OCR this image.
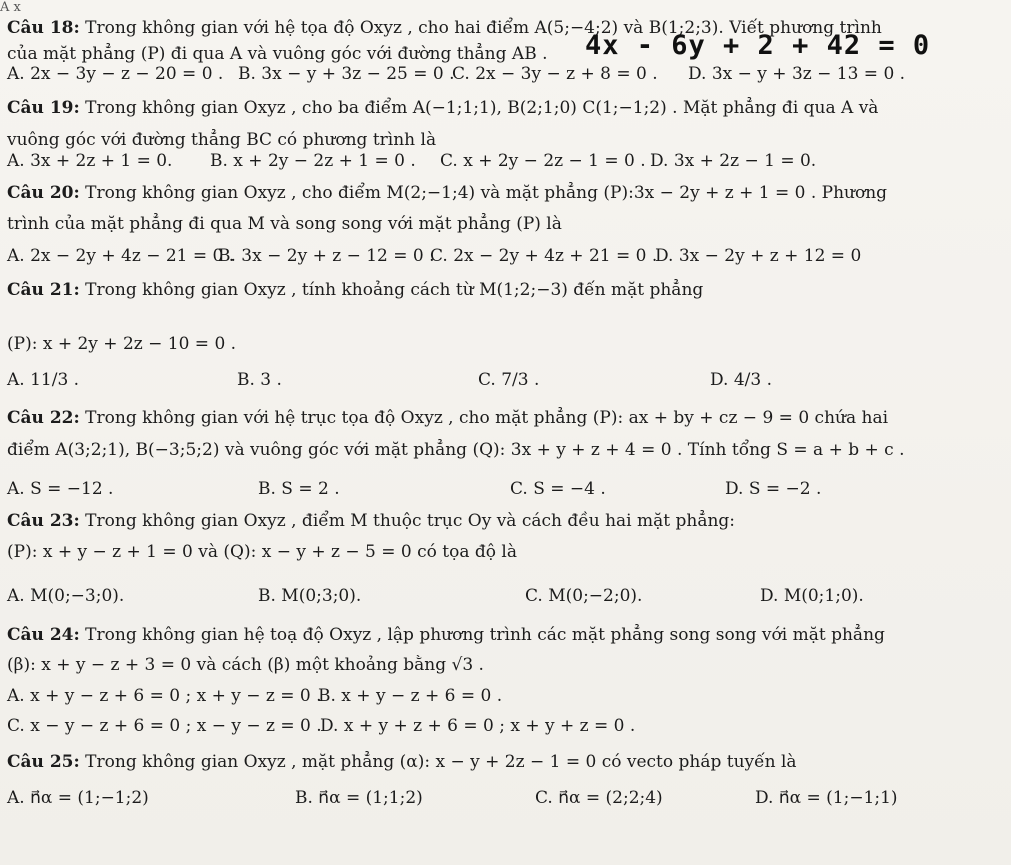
A x
Câu 18: Trong không gian với hệ tọa độ Oxyz , cho hai điểm A(5;−4;2) và B(1;2;3). Viết phương trình
của mặt phẳng (P) đi qua A và vuông góc với đường thẳng AB . 4x - 6y + 2 + 42 = 0
A. 2x − 3y − z − 20 = 0 . B. 3x − y + 3z − 25 = 0 .
C. 2x − 3y − z + 8 = 0 . D. 3x − y + 3z − 13 = 0 .
Câu 19: Trong không gian Oxyz , cho ba điểm A(−1;1;1), B(2;1;0) C(1;−1;2) . Mặt phẳng đi qua A và
vuông góc với đường thẳng BC có phương trình là
A. 3x + 2z + 1 = 0. B. x + 2y − 2z + 1 = 0 . C. x + 2y − 2z − 1 = 0 . D. 3x + 2z − 1 = 0.
Câu 20: Trong không gian Oxyz , cho điểm M(2;−1;4) và mặt phẳng (P):3x − 2y + z + 1 = 0 . Phương
trình của mặt phẳng đi qua M và song song với mặt phẳng (P) là
A. 2x − 2y + 4z − 21 = 0 .
B. 3x − 2y + z − 12 = 0 .
C. 2x − 2y + 4z + 21 = 0 .
D. 3x − 2y + z + 12 = 0
Câu 21: Trong không gian Oxyz , tính khoảng cách từ M(1;2;−3) đến mặt phẳng
(P): x + 2y + 2z − 10 = 0 .
A. 11/3 .	B. 3 .	C. 7/3 .	D. 4/3 .
Câu 22: Trong không gian với hệ trục tọa độ Oxyz , cho mặt phẳng (P): ax + by + cz − 9 = 0 chứa hai
điểm A(3;2;1), B(−3;5;2) và vuông góc với mặt phẳng (Q): 3x + y + z + 4 = 0 . Tính tổng S = a + b + c .
A. S = −12 .	B. S = 2 .	C. S = −4 .	D. S = −2 .
Câu 23: Trong không gian Oxyz , điểm M thuộc trục Oy và cách đều hai mặt phẳng:
(P): x + y − z + 1 = 0 và (Q): x − y + z − 5 = 0 có tọa độ là
A. M(0;−3;0).	B. M(0;3;0).	C. M(0;−2;0).	D. M(0;1;0).
Câu 24: Trong không gian hệ toạ độ Oxyz , lập phương trình các mặt phẳng song song với mặt phẳng
(β): x + y − z + 3 = 0 và cách (β) một khoảng bằng √3 .
A. x + y − z + 6 = 0 ; x + y − z = 0 .
B. x + y − z + 6 = 0 .
C. x − y − z + 6 = 0 ; x − y − z = 0 .
D. x + y + z + 6 = 0 ; x + y + z = 0 .
Câu 25: Trong không gian Oxyz , mặt phẳng (α): x − y + 2z − 1 = 0 có vecto pháp tuyến là
A. n⃗α = (1;−1;2)	B. n⃗α = (1;1;2)	C. n⃗α = (2;2;4)	D. n⃗α = (1;−1;1)
